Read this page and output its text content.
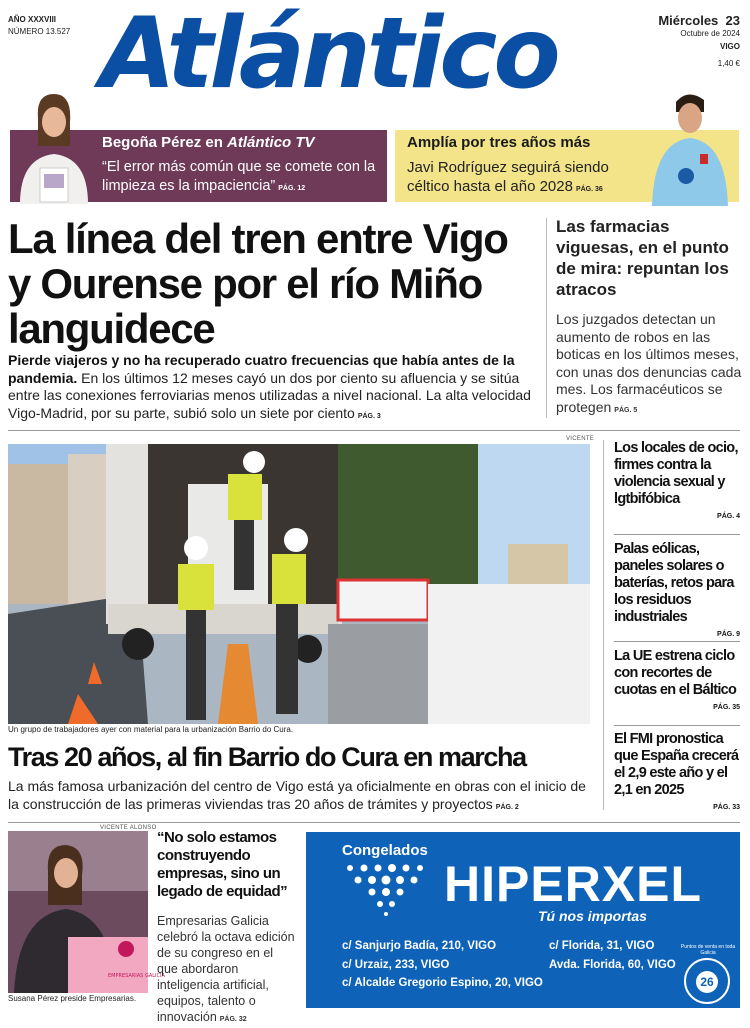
AÑO XXXVIII
NÚMERO 13.527 Atlántico	Miércoles 23
Octubre de 2024
VIGO
1,40 €
Begoña Pérez en Atlántico TV
“El error más común que se comete con la limpieza es la impaciencia” PÁG. 12
Amplía por tres años más
Javi Rodríguez seguirá siendo céltico hasta el año 2028 PÁG. 36
La línea del tren entre Vigo y Ourense por el río Miño languidece
Pierde viajeros y no ha recuperado cuatro frecuencias que había antes de la pandemia. En los últimos 12 meses cayó un dos por ciento su afluencia y se sitúa entre las conexiones ferroviarias menos utilizadas a nivel nacional. La alta velocidad Vigo-Madrid, por su parte, subió solo un siete por ciento PÁG. 3
Las farmacias viguesas, en el punto de mira: repuntan los atracos
Los juzgados detectan un aumento de robos en las boticas en los últimos meses, con unas dos denuncias cada mes. Los farmacéuticos se protegen PÁG. 5
VICENTE
Un grupo de trabajadores ayer con material para la urbanización Barrio do Cura.
Tras 20 años, al fin Barrio do Cura en marcha
La más famosa urbanización del centro de Vigo está ya oficialmente en obras con el inicio de la construcción de las primeras viviendas tras 20 años de trámites y proyectos PÁG. 2
Los locales de ocio, firmes contra la violencia sexual y lgtbifóbica
PÁG. 4
Palas eólicas, paneles solares o baterías, retos para los residuos industriales
PÁG. 9
La UE estrena ciclo con recortes de cuotas en el Báltico
PÁG. 35
El FMI pronostica que España crecerá el 2,9 este año y el 2,1 en 2025
PÁG. 33
VICENTE ALONSO
EMPRESARIAS GALICIA
Susana Pérez preside Empresarias.
“No solo estamos construyendo empresas, sino un legado de equidad”
Empresarias Galicia celebró la octava edición de su congreso en el que abordaron inteligencia artificial, equipos, talento o innovación PÁG. 32
Congelados
HIPERXEL
Tú nos importas
c/ Sanjurjo Badía, 210, VIGO
c/ Urzaiz, 233, VIGO
c/ Alcalde Gregorio Espino, 20, VIGO
c/ Florida, 31, VIGO
Avda. Florida, 60, VIGO
26
Puntos de venta en toda Galicia
